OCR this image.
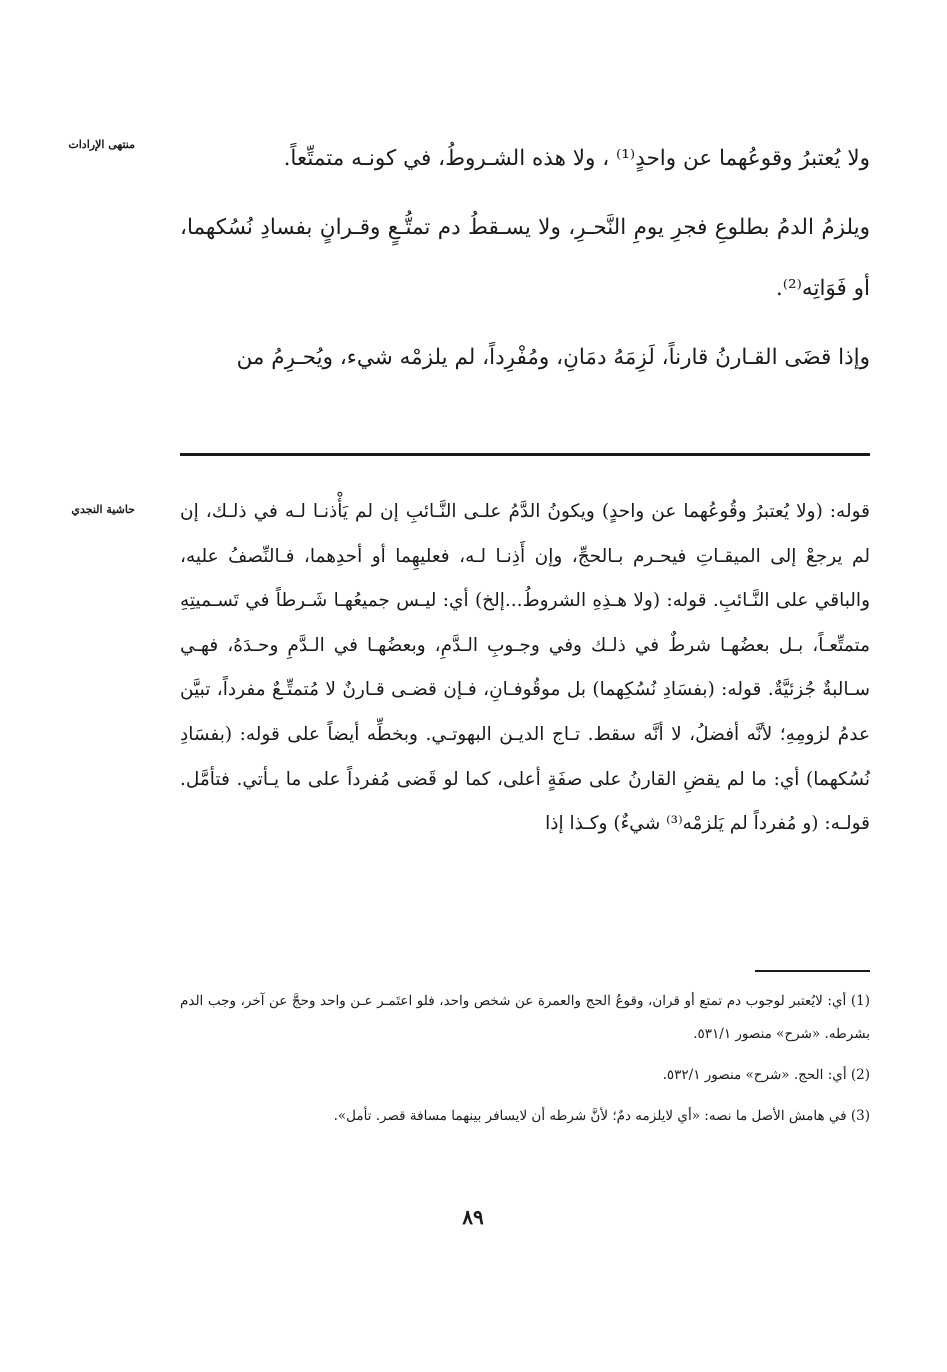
منتهى الإرادات

ولا يُعتبرُ وقوعُهما عن واحدٍ⁽¹⁾ ، ولا هذه الشـروطُ، في كونـه متمتِّعاً.

ويلزمُ الدمُ بطلوعِ فجرِ يومِ النَّحـرِ، ولا يسـقطُ دم تمتُّـعٍ وقـرانٍ بفسادِ نُسُكهما، أو فَوَاتِه⁽²⁾.

وإذا قضَى القـارنُ قارناً، لَزِمَهُ دمَانِ، ومُفْرِداً، لم يلزمْه شيء، ويُحـرِمُ من

حاشية النجدي قوله: (ولا يُعتبرُ وقُوعُهما عن واحدٍ) ويكونُ الدَّمُ علـى النَّـائبِ إن لم يَأْذنـا لـه في ذلـك، إن لم يرجعْ إلى الميقـاتِ فيحـرم بـالحجِّ، وإن أَذِنـا لـه، فعليهِما أو أحدِهما، فـالنِّصفُ عليه، والباقي على النَّـائبِ. قوله: (ولا هـذِهِ الشروطُ...إلخ) أي: ليـس جميعُهـا شَـرطاً في تَسـميتِهِ متمتِّعـاً، بـل بعضُهـا شرطٌ في ذلـك وفي وجـوبِ الـدَّمِ، وبعضُهـا في الـدَّمِ وحـدَهُ، فهـي سـالبةٌ جُزئيَّةٌ. قوله: (بفسَادِ نُسُكِهما) بل موقُوفـانِ، فـإن قضـى قـارنٌ لا مُتمتِّـعٌ مفرداً، تبيَّن عدمُ لزومِهِ؛ لأنَّه أفضلُ، لا أنَّه سقط. تـاج الديـن البهوتـي. وبخطِّه أيضاً على قوله: (بفسَادِ نُسُكهما) أي: ما لم يقضِ القارنُ على صفَةٍ أعلى، كما لو قَضى مُفرداً على ما يـأتي. فتأمَّل. قولـه: (و مُفرداً لم يَلزمْه⁽³⁾ شيءٌ) وكـذا إذا

(1) أي: لايُعتبر لوجوب دم تمتع أو قران، وقوعُ الحج والعمرة عن شخص واحد، فلو اعتَمـر عـن واحد وحجَّ عن آخر، وجب الدم بشرطه. «شرح» منصور ٥٣١/١.

(2) أي: الحج. «شرح» منصور ٥٣٢/١.

(3) في هامش الأصل ما نصه: «أي لايلزمه دمٌ؛ لأنَّ شرطه أن لايسافر بينهما مسافة قصر. تأمل».

٨٩
